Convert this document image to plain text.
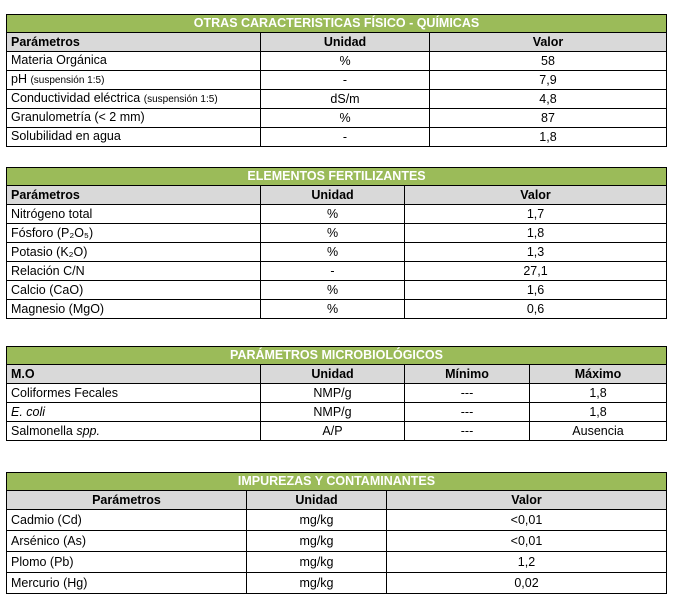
OTRAS CARACTERISTICAS FÍSICO - QUÍMICAS		
Parámetros	Unidad	Valor
Materia Orgánica	%	58
pH (suspensión 1:5)	-	7,9
Conductividad eléctrica (suspensión 1:5)	dS/m	4,8
Granulometría (< 2 mm)	%	87
Solubilidad en agua	-	1,8
ELEMENTOS FERTILIZANTES		
Parámetros	Unidad	Valor
Nitrógeno total	%	1,7
Fósforo (P₂O₅)	%	1,8
Potasio (K₂O)	%	1,3
Relación C/N	-	27,1
Calcio (CaO)	%	1,6
Magnesio (MgO)	%	0,6
PARÁMETROS MICROBIOLÓGICOS			
M.O	Unidad	Mínimo	Máximo
Coliformes Fecales	NMP/g	---	1,8
E. coli	NMP/g	---	1,8
Salmonella spp.	A/P	---	Ausencia
IMPUREZAS Y CONTAMINANTES		
Parámetros	Unidad	Valor
Cadmio (Cd)	mg/kg	<0,01
Arsénico (As)	mg/kg	<0,01
Plomo (Pb)	mg/kg	1,2
Mercurio (Hg)	mg/kg	0,02
